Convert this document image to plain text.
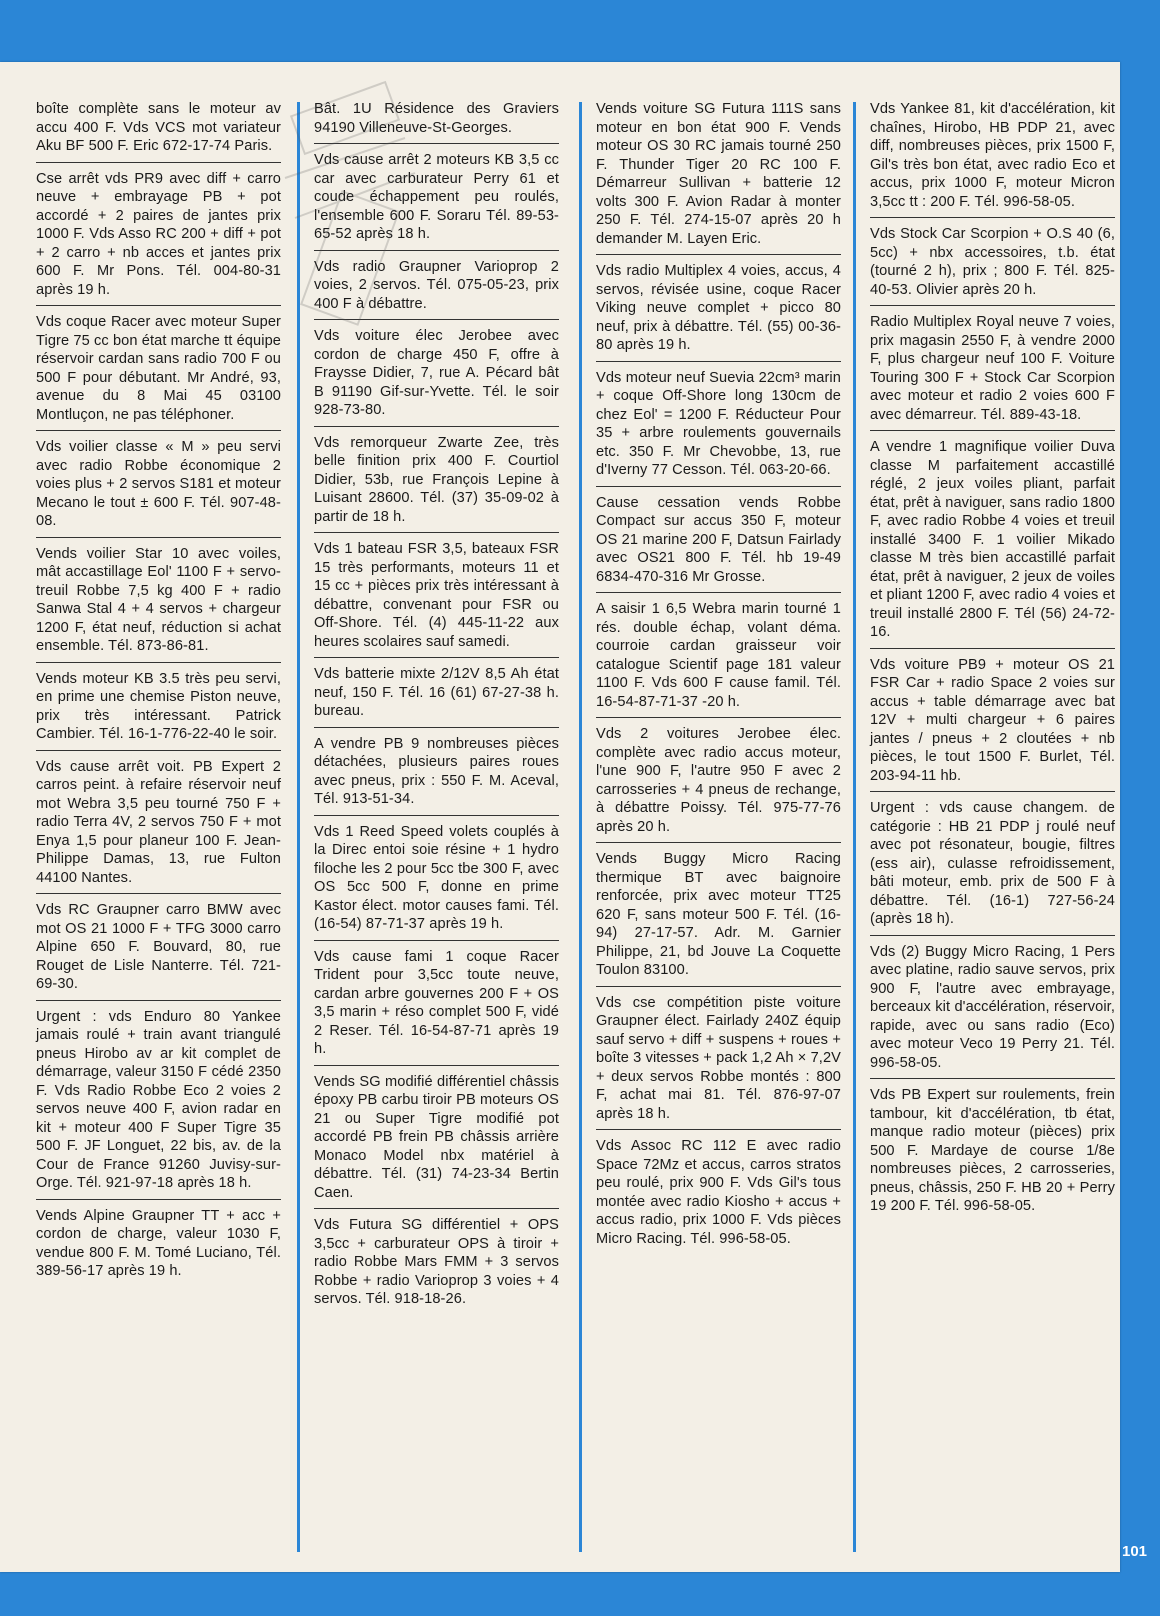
boîte complète sans le moteur av accu 400 F. Vds VCS mot variateur Aku BF 500 F. Eric 672-17-74 Paris.
Cse arrêt vds PR9 avec diff + carro neuve + embrayage PB + pot accordé + 2 paires de jantes prix 1000 F. Vds Asso RC 200 + diff + pot + 2 carro + nb acces et jantes prix 600 F. Mr Pons. Tél. 004-80-31 après 19 h.
Vds coque Racer avec moteur Super Tigre 75 cc bon état marche tt équipe réservoir cardan sans radio 700 F ou 500 F pour débutant. Mr André, 93, avenue du 8 Mai 45 03100 Montluçon, ne pas téléphoner.
Vds voilier classe « M » peu servi avec radio Robbe économique 2 voies plus + 2 servos S181 et moteur Mecano le tout ± 600 F. Tél. 907-48-08.
Vends voilier Star 10 avec voiles, mât accastillage Eol' 1100 F + servo-treuil Robbe 7,5 kg 400 F + radio Sanwa Stal 4 + 4 servos + chargeur 1200 F, état neuf, réduction si achat ensemble. Tél. 873-86-81.
Vends moteur KB 3.5 très peu servi, en prime une chemise Piston neuve, prix très intéressant. Patrick Cambier. Tél. 16-1-776-22-40 le soir.
Vds cause arrêt voit. PB Expert 2 carros peint. à refaire réservoir neuf mot Webra 3,5 peu tourné 750 F + radio Terra 4V, 2 servos 750 F + mot Enya 1,5 pour planeur 100 F. Jean-Philippe Damas, 13, rue Fulton 44100 Nantes.
Vds RC Graupner carro BMW avec mot OS 21 1000 F + TFG 3000 carro Alpine 650 F. Bouvard, 80, rue Rouget de Lisle Nanterre. Tél. 721-69-30.
Urgent : vds Enduro 80 Yankee jamais roulé + train avant triangulé pneus Hirobo av ar kit complet de démarrage, valeur 3150 F cédé 2350 F. Vds Radio Robbe Eco 2 voies 2 servos neuve 400 F, avion radar en kit + moteur 400 F Super Tigre 35 500 F. JF Longuet, 22 bis, av. de la Cour de France 91260 Juvisy-sur-Orge. Tél. 921-97-18 après 18 h.
Vends Alpine Graupner TT + acc + cordon de charge, valeur 1030 F, vendue 800 F. M. Tomé Luciano, Tél. 389-56-17 après 19 h.
Bât. 1U Résidence des Graviers 94190 Villeneuve-St-Georges.
Vds cause arrêt 2 moteurs KB 3,5 cc car avec carburateur Perry 61 et coude échappement peu roulés, l'ensemble 600 F. Soraru Tél. 89-53-65-52 après 18 h.
Vds radio Graupner Varioprop 2 voies, 2 servos. Tél. 075-05-23, prix 400 F à débattre.
Vds voiture élec Jerobee avec cordon de charge 450 F, offre à Fraysse Didier, 7, rue A. Pécard bât B 91190 Gif-sur-Yvette. Tél. le soir 928-73-80.
Vds remorqueur Zwarte Zee, très belle finition prix 400 F. Courtiol Didier, 53b, rue François Lepine à Luisant 28600. Tél. (37) 35-09-02 à partir de 18 h.
Vds 1 bateau FSR 3,5, bateaux FSR 15 très performants, moteurs 11 et 15 cc + pièces prix très intéressant à débattre, convenant pour FSR ou Off-Shore. Tél. (4) 445-11-22 aux heures scolaires sauf samedi.
Vds batterie mixte 2/12V 8,5 Ah état neuf, 150 F. Tél. 16 (61) 67-27-38 h. bureau.
A vendre PB 9 nombreuses pièces détachées, plusieurs paires roues avec pneus, prix : 550 F. M. Aceval, Tél. 913-51-34.
Vds 1 Reed Speed volets couplés à la Direc entoi soie résine + 1 hydro filoche les 2 pour 5cc tbe 300 F, avec OS 5cc 500 F, donne en prime Kastor élect. motor causes fami. Tél. (16-54) 87-71-37 après 19 h.
Vds cause fami 1 coque Racer Trident pour 3,5cc toute neuve, cardan arbre gouvernes 200 F + OS 3,5 marin + réso complet 500 F, vidé 2 Reser. Tél. 16-54-87-71 après 19 h.
Vends SG modifié différentiel châssis époxy PB carbu tiroir PB moteurs OS 21 ou Super Tigre modifié pot accordé PB frein PB châssis arrière Monaco Model nbx matériel à débattre. Tél. (31) 74-23-34 Bertin Caen.
Vds Futura SG différentiel + OPS 3,5cc + carburateur OPS à tiroir + radio Robbe Mars FMM + 3 servos Robbe + radio Varioprop 3 voies + 4 servos. Tél. 918-18-26.
Vends voiture SG Futura 111S sans moteur en bon état 900 F. Vends moteur OS 30 RC jamais tourné 250 F. Thunder Tiger 20 RC 100 F. Démarreur Sullivan + batterie 12 volts 300 F. Avion Radar à monter 250 F. Tél. 274-15-07 après 20 h demander M. Layen Eric.
Vds radio Multiplex 4 voies, accus, 4 servos, révisée usine, coque Racer Viking neuve complet + picco 80 neuf, prix à débattre. Tél. (55) 00-36-80 après 19 h.
Vds moteur neuf Suevia 22cm³ marin + coque Off-Shore long 130cm de chez Eol' = 1200 F. Réducteur Pour 35 + arbre roulements gouvernails etc. 350 F. Mr Chevobbe, 13, rue d'Iverny 77 Cesson. Tél. 063-20-66.
Cause cessation vends Robbe Compact sur accus 350 F, moteur OS 21 marine 200 F, Datsun Fairlady avec OS21 800 F. Tél. hb 19-49 6834-470-316 Mr Grosse.
A saisir 1 6,5 Webra marin tourné 1 rés. double échap, volant déma. courroie cardan graisseur voir catalogue Scientif page 181 valeur 1100 F. Vds 600 F cause famil. Tél. 16-54-87-71-37 -20 h.
Vds 2 voitures Jerobee élec. complète avec radio accus moteur, l'une 900 F, l'autre 950 F avec 2 carrosseries + 4 pneus de rechange, à débattre Poissy. Tél. 975-77-76 après 20 h.
Vends Buggy Micro Racing thermique BT avec baignoire renforcée, prix avec moteur TT25 620 F, sans moteur 500 F. Tél. (16-94) 27-17-57. Adr. M. Garnier Philippe, 21, bd Jouve La Coquette Toulon 83100.
Vds cse compétition piste voiture Graupner élect. Fairlady 240Z équip sauf servo + diff + suspens + roues + boîte 3 vitesses + pack 1,2 Ah × 7,2V + deux servos Robbe montés : 800 F, achat mai 81. Tél. 876-97-07 après 18 h.
Vds Assoc RC 112 E avec radio Space 72Mz et accus, carros stratos peu roulé, prix 900 F. Vds Gil's tous montée avec radio Kiosho + accus + accus radio, prix 1000 F. Vds pièces Micro Racing. Tél. 996-58-05.
Vds Yankee 81, kit d'accélération, kit chaînes, Hirobo, HB PDP 21, avec diff, nombreuses pièces, prix 1500 F, Gil's très bon état, avec radio Eco et accus, prix 1000 F, moteur Micron 3,5cc tt : 200 F. Tél. 996-58-05.
Vds Stock Car Scorpion + O.S 40 (6, 5cc) + nbx accessoires, t.b. état (tourné 2 h), prix ; 800 F. Tél. 825-40-53. Olivier après 20 h.
Radio Multiplex Royal neuve 7 voies, prix magasin 2550 F, à vendre 2000 F, plus chargeur neuf 100 F. Voiture Touring 300 F + Stock Car Scorpion avec moteur et radio 2 voies 600 F avec démarreur. Tél. 889-43-18.
A vendre 1 magnifique voilier Duva classe M parfaitement accastillé réglé, 2 jeux voiles pliant, parfait état, prêt à naviguer, sans radio 1800 F, avec radio Robbe 4 voies et treuil installé 3400 F. 1 voilier Mikado classe M très bien accastillé parfait état, prêt à naviguer, 2 jeux de voiles et pliant 1200 F, avec radio 4 voies et treuil installé 2800 F. Tél (56) 24-72-16.
Vds voiture PB9 + moteur OS 21 FSR Car + radio Space 2 voies sur accus + table démarrage avec bat 12V + multi chargeur + 6 paires jantes / pneus + 2 cloutées + nb pièces, le tout 1500 F. Burlet, Tél. 203-94-11 hb.
Urgent : vds cause changem. de catégorie : HB 21 PDP j roulé neuf avec pot résonateur, bougie, filtres (ess air), culasse refroidissement, bâti moteur, emb. prix de 500 F à débattre. Tél. (16-1) 727-56-24 (après 18 h).
Vds (2) Buggy Micro Racing, 1 Pers avec platine, radio sauve servos, prix 900 F, l'autre avec embrayage, berceaux kit d'accélération, réservoir, rapide, avec ou sans radio (Eco) avec moteur Veco 19 Perry 21. Tél. 996-58-05.
Vds PB Expert sur roulements, frein tambour, kit d'accélération, tb état, manque radio moteur (pièces) prix 500 F. Mardaye de course 1/8e nombreuses pièces, 2 carrosseries, pneus, châssis, 250 F. HB 20 + Perry 19 200 F. Tél. 996-58-05.
101
